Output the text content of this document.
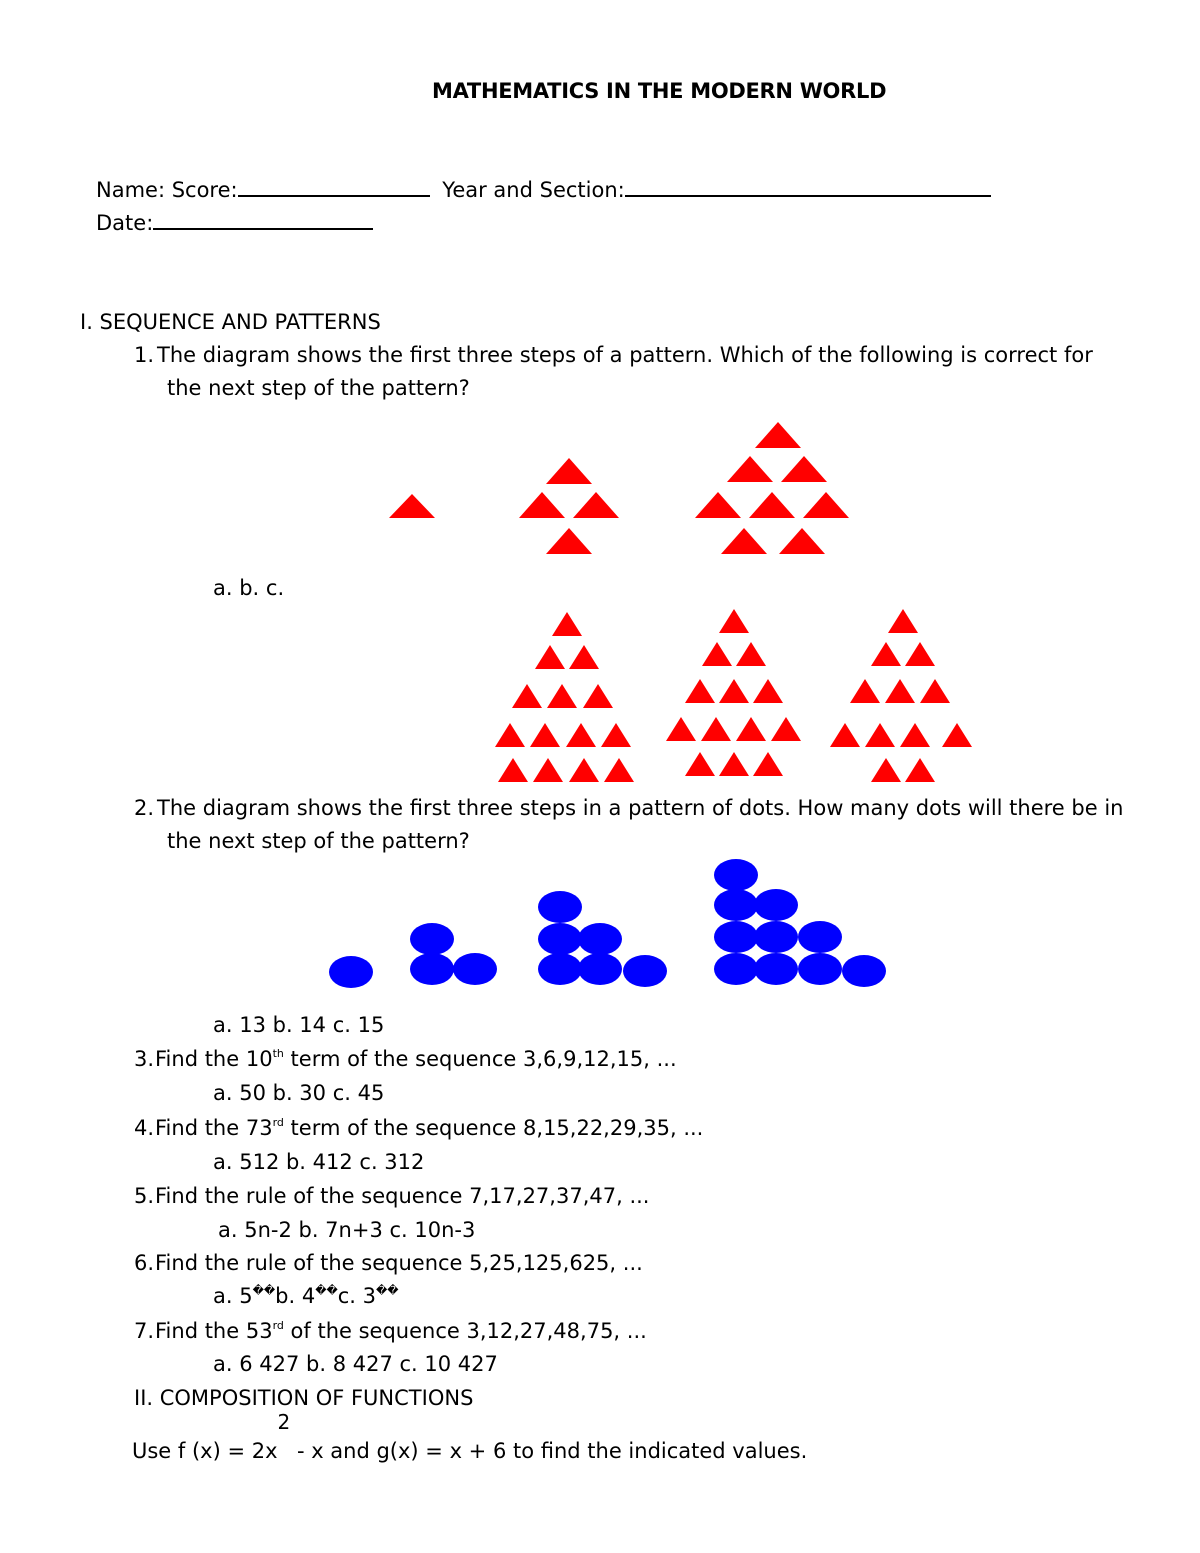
MATHEMATICS IN THE MODERN WORLD
Name: Score:	Year and Section:
Date:
I. SEQUENCE AND PATTERNS
1. The diagram shows the first three steps of a pattern. Which of the following is correct for
the next step of the pattern?
a. b. c.
2. The diagram shows the first three steps in a pattern of dots. How many dots will there be in
the next step of the pattern?
a. 13 b. 14 c. 15
3. Find the 10th term of the sequence 3,6,9,12,15, ...
a. 50 b. 30 c. 45
4. Find the 73rd term of the sequence 8,15,22,29,35, ...
a. 512 b. 412 c. 312
5. Find the rule of the sequence 7,17,27,37,47, ...
a. 5n-2 b. 7n+3 c. 10n-3
6. Find the rule of the sequence 5,25,125,625, ...
a. 5��b. 4��c. 3��
7. Find the 53rd of the sequence 3,12,27,48,75, ...
a. 6 427 b. 8 427 c. 10 427
II. COMPOSITION OF FUNCTIONS
Use f (x) = 2x2 - x and g(x) = x + 6 to find the indicated values.
